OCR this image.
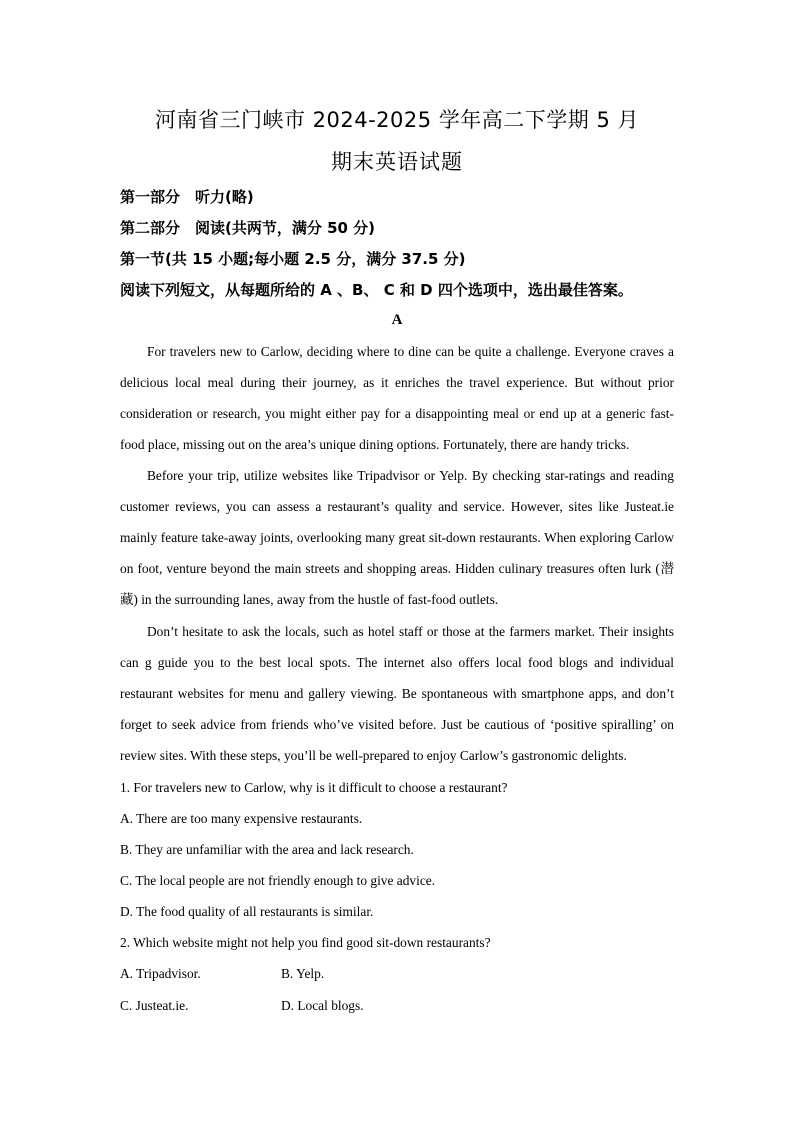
河南省三门峡市 2024-2025 学年高二下学期 5 月
期末英语试题
第一部分　听力(略)
第二部分　阅读(共两节，满分 50 分)
第一节(共 15 小题;每小题 2.5 分，满分 37.5 分)
阅读下列短文，从每题所给的 A 、B、 C 和 D 四个选项中，选出最佳答案。
A
For travelers new to Carlow, deciding where to dine can be quite a challenge. Everyone craves a delicious local meal during their journey, as it enriches the travel experience. But without prior consideration or research, you might either pay for a disappointing meal or end up at a generic fast-food place, missing out on the area’s unique dining options. Fortunately, there are handy tricks.
Before your trip, utilize websites like Tripadvisor or Yelp. By checking star-ratings and reading customer reviews, you can assess a restaurant’s quality and service. However, sites like Justeat.ie mainly feature take-away joints, overlooking many great sit-down restaurants. When exploring Carlow on foot, venture beyond the main streets and shopping areas. Hidden culinary treasures often lurk (潜藏) in the surrounding lanes, away from the hustle of fast-food outlets.
Don’t hesitate to ask the locals, such as hotel staff or those at the farmers market. Their insights can g guide you to the best local spots. The internet also offers local food blogs and individual restaurant websites for menu and gallery viewing. Be spontaneous with smartphone apps, and don’t forget to seek advice from friends who’ve visited before. Just be cautious of ‘positive spiralling’ on review sites. With these steps, you’ll be well-prepared to enjoy Carlow’s gastronomic delights.
1. For travelers new to Carlow, why is it difficult to choose a restaurant?
A. There are too many expensive restaurants.
B. They are unfamiliar with the area and lack research.
C. The local people are not friendly enough to give advice.
D. The food quality of all restaurants is similar.
2. Which website might not help you find good sit-down restaurants?
A. Tripadvisor.	B. Yelp.
C. Justeat.ie.	D. Local blogs.
